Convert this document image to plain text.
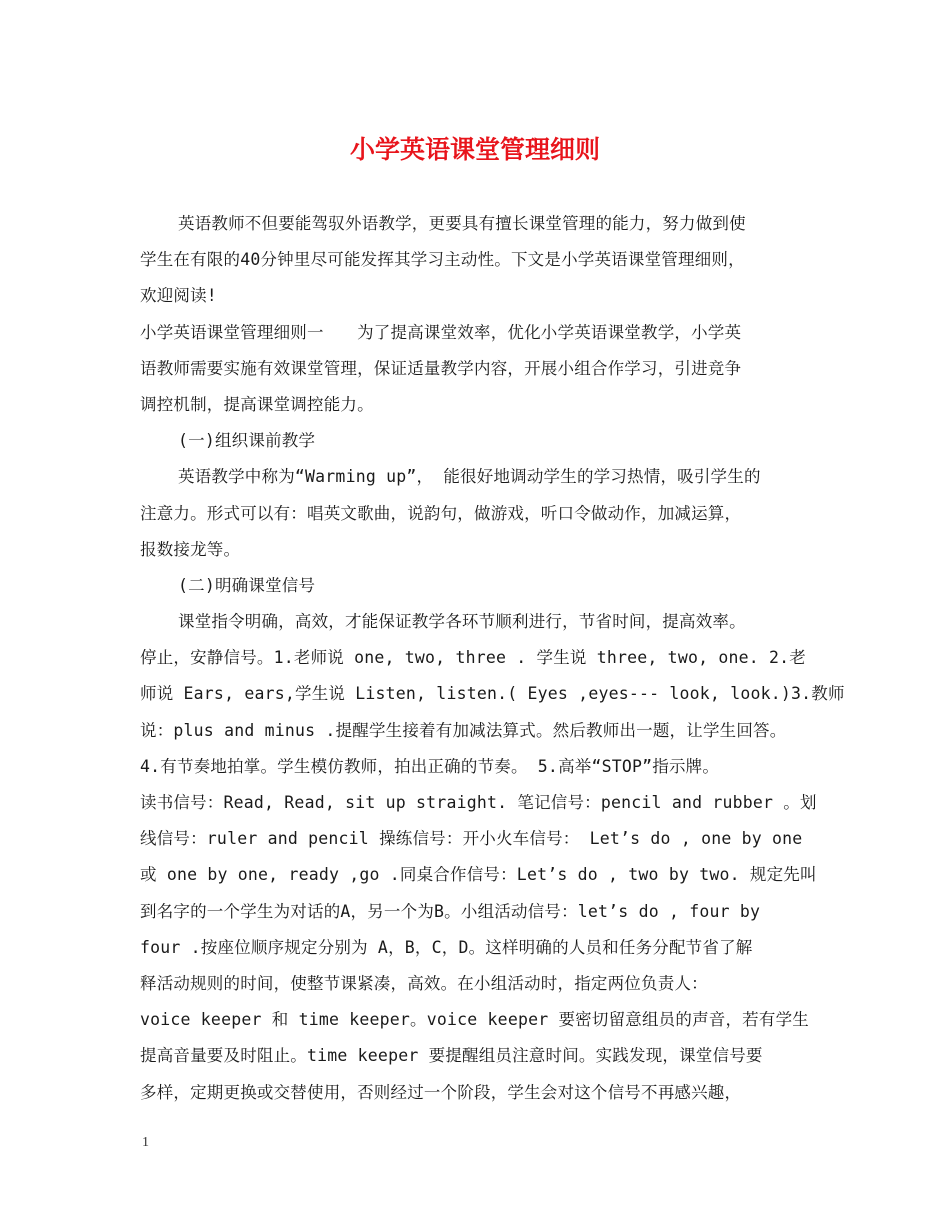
小学英语课堂管理细则
英语教师不但要能驾驭外语教学，更要具有擅长课堂管理的能力，努力做到使
学生在有限的40分钟里尽可能发挥其学习主动性。下文是小学英语课堂管理细则，
欢迎阅读!
小学英语课堂管理细则一　　为了提高课堂效率，优化小学英语课堂教学，小学英
语教师需要实施有效课堂管理，保证适量教学内容，开展小组合作学习，引进竞争
调控机制，提高课堂调控能力。
(一)组织课前教学
英语教学中称为“Warming up”， 能很好地调动学生的学习热情，吸引学生的
注意力。形式可以有：唱英文歌曲，说韵句，做游戏，听口令做动作，加减运算，
报数接龙等。
(二)明确课堂信号
课堂指令明确，高效，才能保证教学各环节顺利进行，节省时间，提高效率。
停止，安静信号。1.老师说 one, two, three . 学生说 three, two, one. 2.老
师说 Ears, ears,学生说 Listen, listen.( Eyes ,eyes--- look, look.)3.教师
说：plus and minus .提醒学生接着有加减法算式。然后教师出一题，让学生回答。
4.有节奏地拍掌。学生模仿教师，拍出正确的节奏。 5.高举“STOP”指示牌。
读书信号：Read, Read, sit up straight. 笔记信号：pencil and rubber 。划
线信号：ruler and pencil 操练信号：开小火车信号： Let’s do , one by one
或 one by one, ready ,go .同桌合作信号：Let’s do , two by two. 规定先叫
到名字的一个学生为对话的A，另一个为B。小组活动信号：let’s do , four by
four .按座位顺序规定分别为 A，B，C，D。这样明确的人员和任务分配节省了解
释活动规则的时间，使整节课紧凑，高效。在小组活动时，指定两位负责人：
voice keeper 和 time keeper。voice keeper 要密切留意组员的声音，若有学生
提高音量要及时阻止。time keeper 要提醒组员注意时间。实践发现，课堂信号要
多样，定期更换或交替使用，否则经过一个阶段，学生会对这个信号不再感兴趣，
1
